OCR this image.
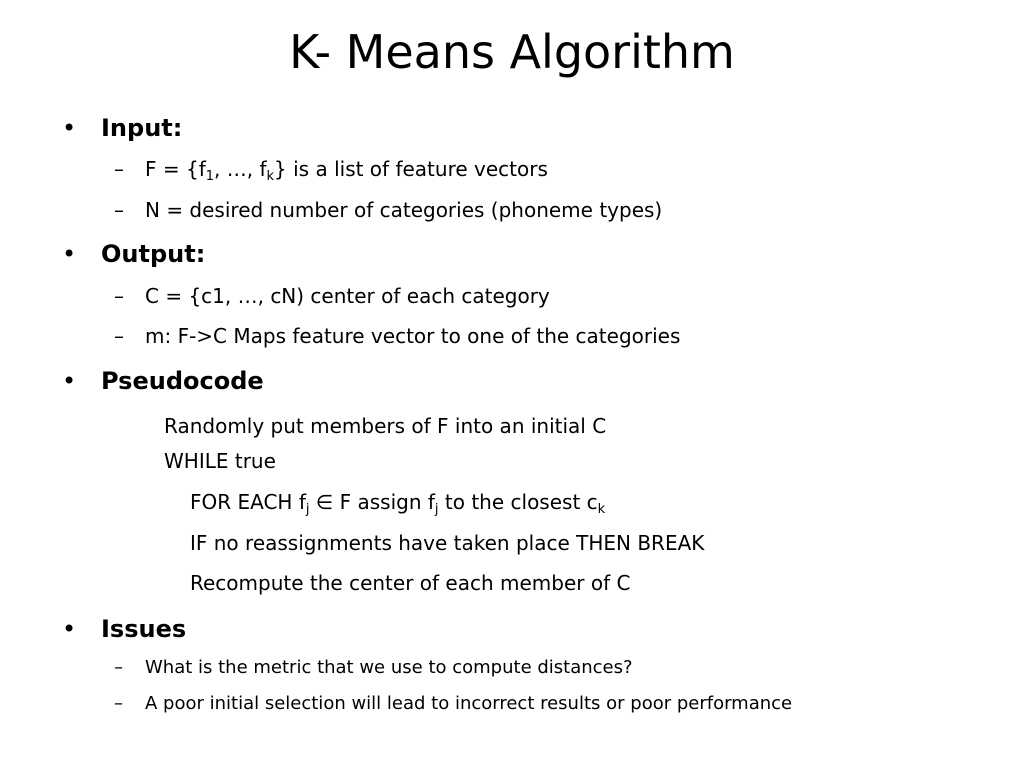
K- Means Algorithm
• Input:
– $F = \{f_1$, …, $f_k$} is a list of feature vectors
– N = desired number of categories (phoneme types)
• Output:
– C = {c1, …, cN) center of each category
– m: F->C Maps feature vector to one of the categories
• Pseudocode
Randomly put members of F into an initial C
WHILE true
FOR EACH $f_j$ ∈ F assign $f_j$ to the closest $c_k$
IF no reassignments have taken place THEN BREAK
Recompute the center of each member of C
• Issues
– What is the metric that we use to compute distances?
– A poor initial selection will lead to incorrect results or poor performance
